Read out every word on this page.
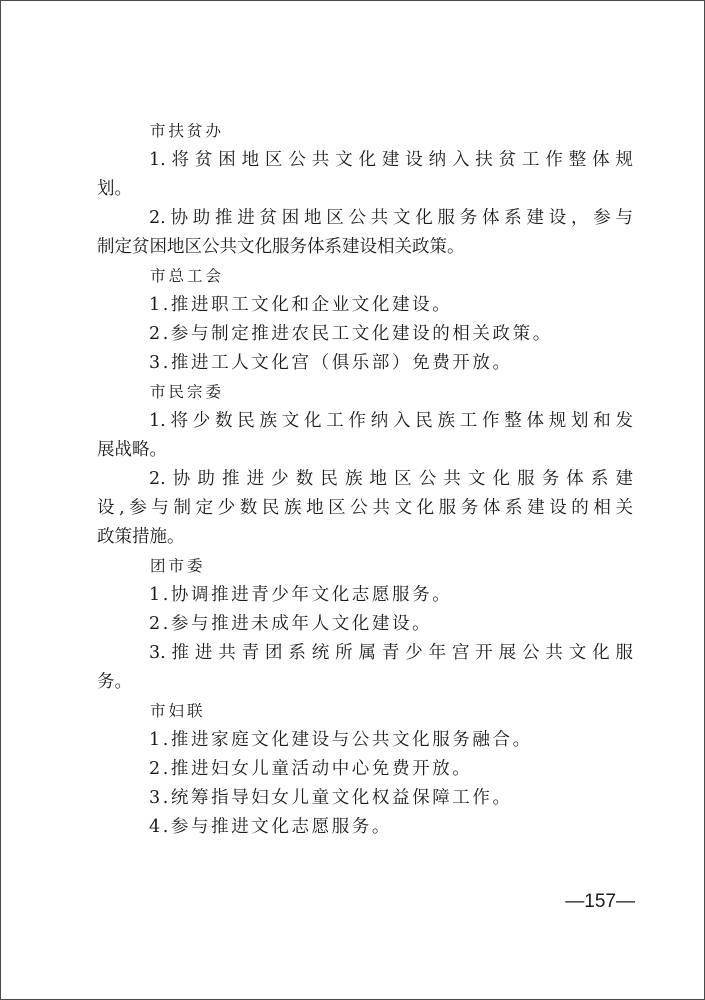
市扶贫办
1.将贫困地区公共文化建设纳入扶贫工作整体规
划。
2.协助推进贫困地区公共文化服务体系建设，参与
制定贫困地区公共文化服务体系建设相关政策。
市总工会
1.推进职工文化和企业文化建设。
2.参与制定推进农民工文化建设的相关政策。
3.推进工人文化宫（俱乐部）免费开放。
市民宗委
1.将少数民族文化工作纳入民族工作整体规划和发
展战略。
2.协助推进少数民族地区公共文化服务体系建
设,参与制定少数民族地区公共文化服务体系建设的相关
政策措施。
团市委
1.协调推进青少年文化志愿服务。
2.参与推进未成年人文化建设。
3.推进共青团系统所属青少年宫开展公共文化服
务。
市妇联
1.推进家庭文化建设与公共文化服务融合。
2.推进妇女儿童活动中心免费开放。
3.统筹指导妇女儿童文化权益保障工作。
4.参与推进文化志愿服务。
—157—
